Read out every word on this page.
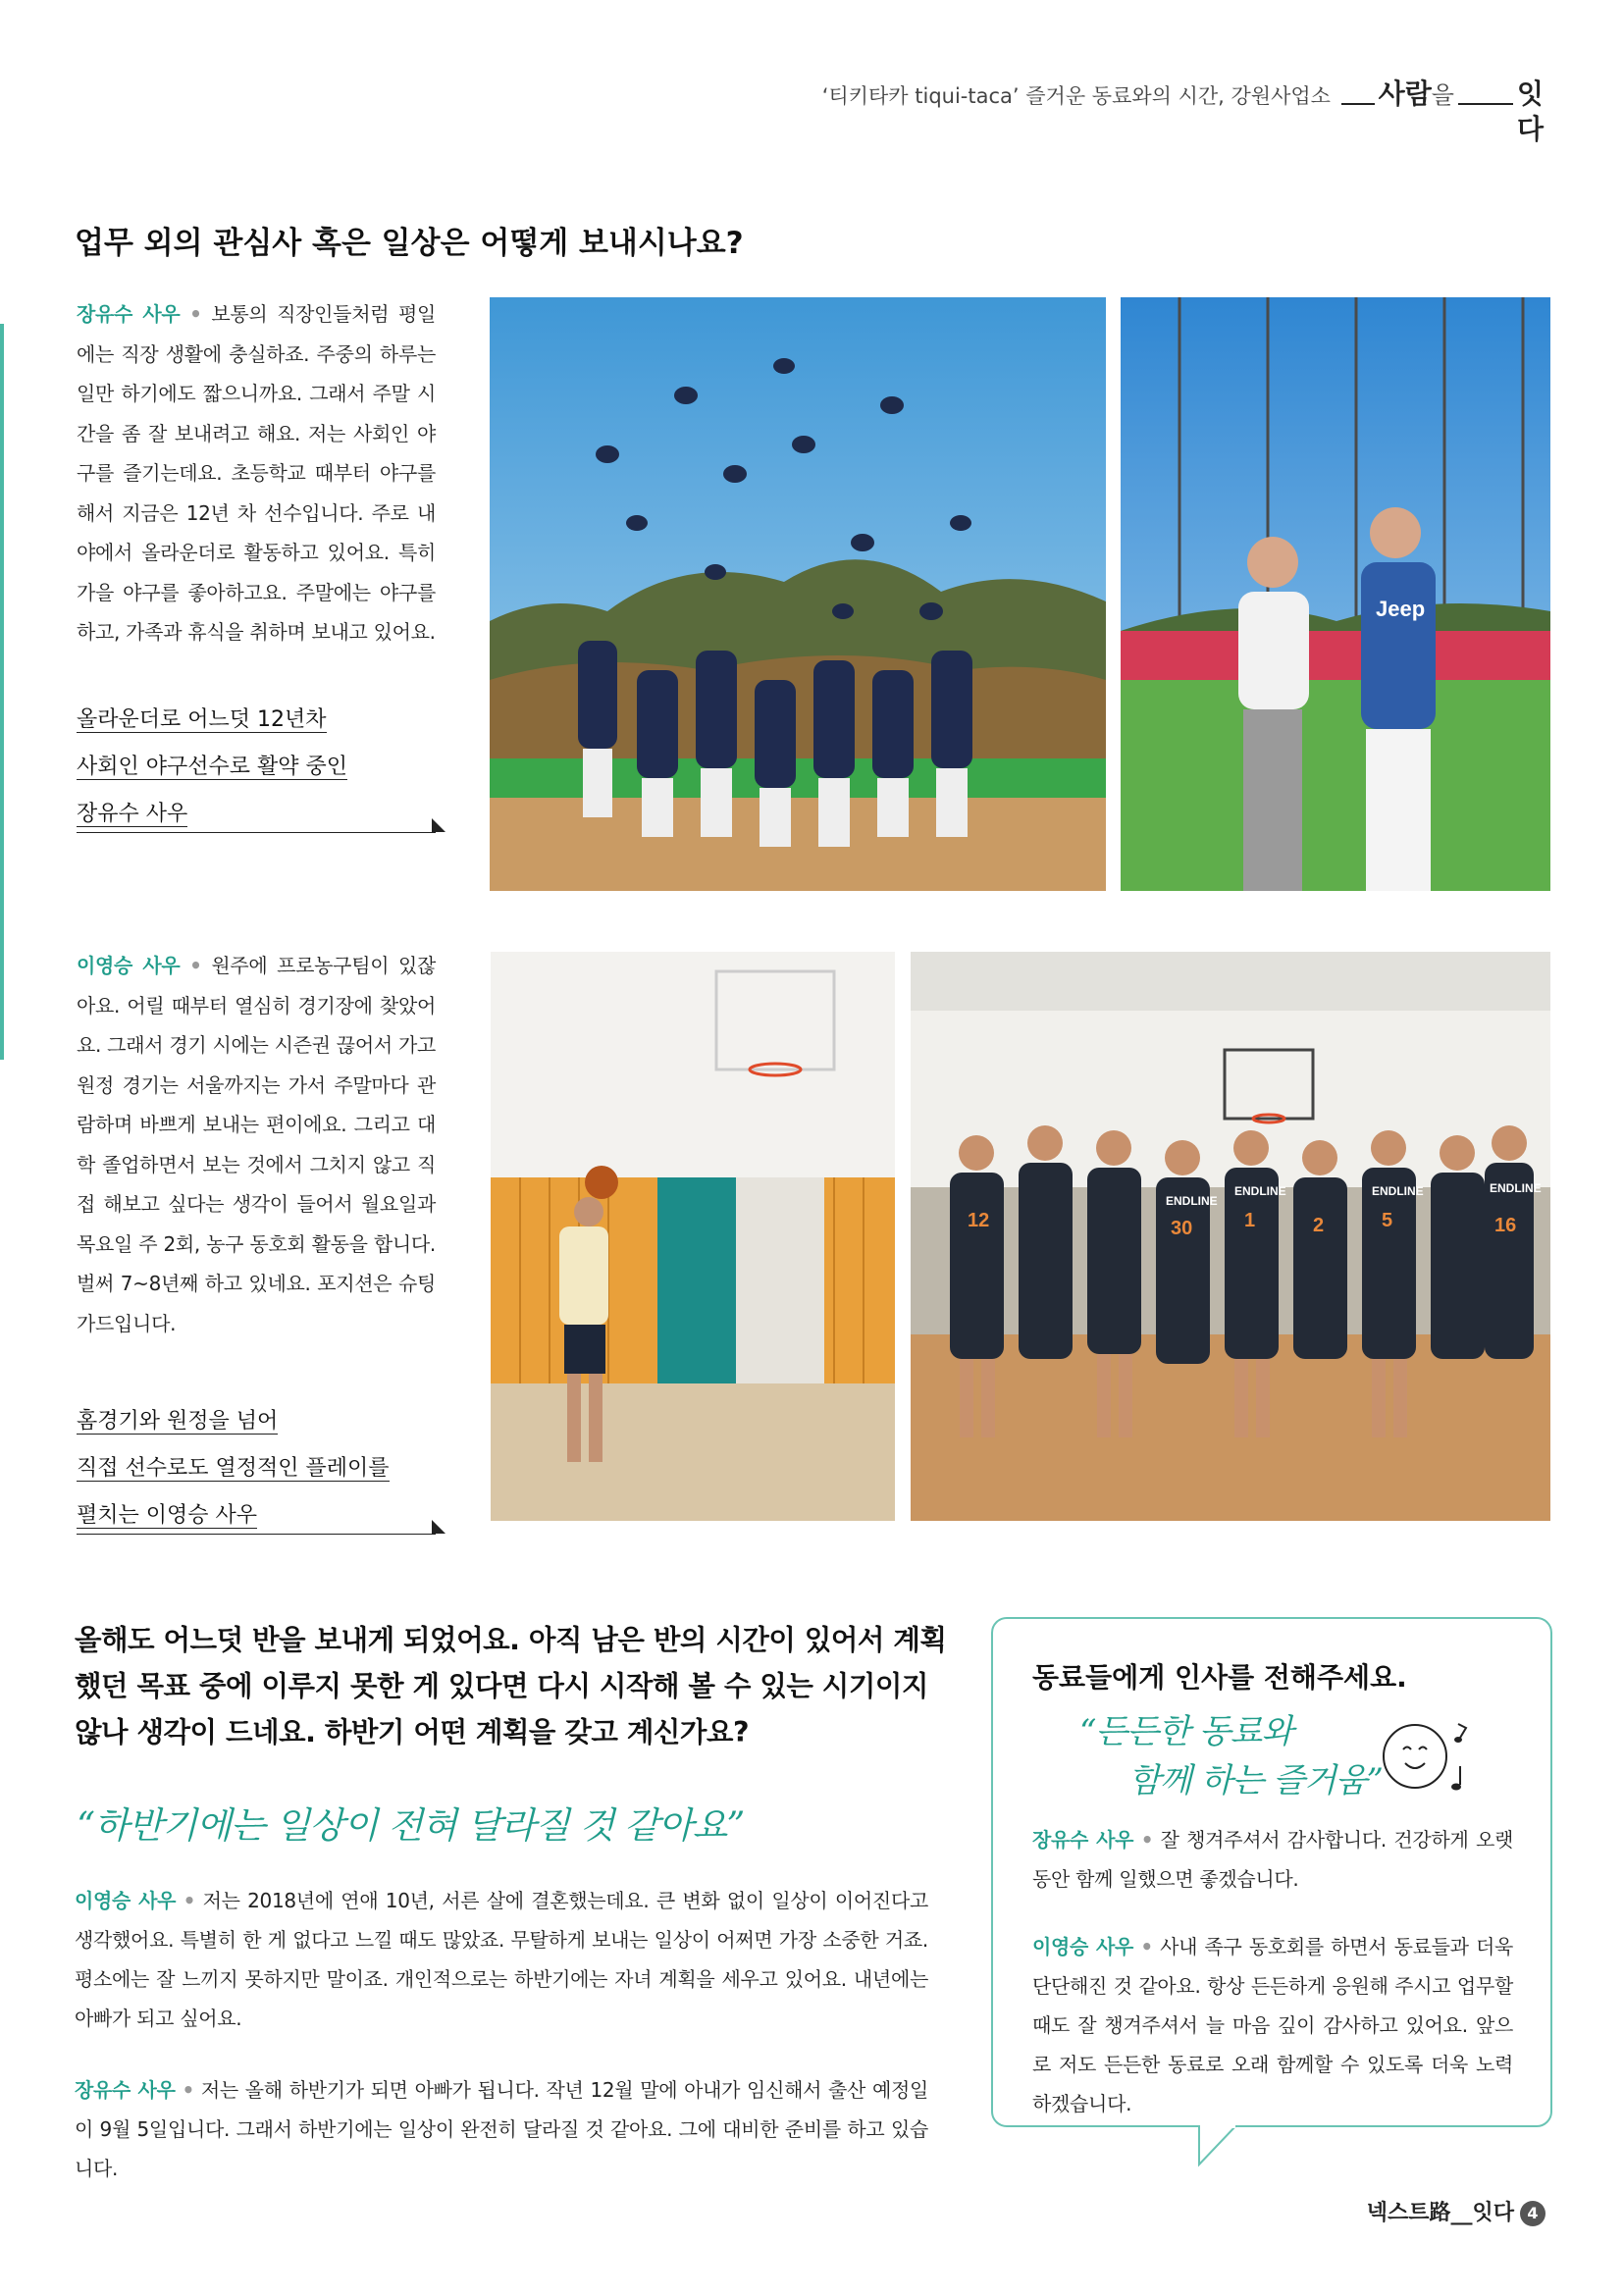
‘티키타카 tiqui-taca’ 즐거운 동료와의 시간, 강원사업소 사람을 잇
다
업무 외의 관심사 혹은 일상은 어떻게 보내시나요?
장유수 사우 • 보통의 직장인들처럼 평일에는 직장 생활에 충실하죠. 주중의 하루는 일만 하기에도 짧으니까요. 그래서 주말 시간을 좀 잘 보내려고 해요. 저는 사회인 야구를 즐기는데요. 초등학교 때부터 야구를 해서 지금은 12년 차 선수입니다. 주로 내야에서 올라운더로 활동하고 있어요. 특히 가을 야구를 좋아하고요. 주말에는 야구를 하고, 가족과 휴식을 취하며 보내고 있어요.
올라운더로 어느덧 12년차
사회인 야구선수로 활약 중인
장유수 사우
Jeep
이영승 사우 • 원주에 프로농구팀이 있잖아요. 어릴 때부터 열심히 경기장에 찾았어요. 그래서 경기 시에는 시즌권 끊어서 가고 원정 경기는 서울까지는 가서 주말마다 관람하며 바쁘게 보내는 편이에요. 그리고 대학 졸업하면서 보는 것에서 그치지 않고 직접 해보고 싶다는 생각이 들어서 월요일과 목요일 주 2회, 농구 동호회 활동을 합니다. 벌써 7~8년째 하고 있네요. 포지션은 슈팅가드입니다.
홈경기와 원정을 넘어
직접 선수로도 열정적인 플레이를
펼치는 이영승 사우
ENDLINE
ENDLINE	ENDLINE	ENDLINE
12	30	1	2	5	16
올해도 어느덧 반을 보내게 되었어요. 아직 남은 반의 시간이 있어서 계획했던 목표 중에 이루지 못한 게 있다면 다시 시작해 볼 수 있는 시기이지 않나 생각이 드네요. 하반기 어떤 계획을 갖고 계신가요?
“하반기에는 일상이 전혀 달라질 것 같아요”
이영승 사우 • 저는 2018년에 연애 10년, 서른 살에 결혼했는데요. 큰 변화 없이 일상이 이어진다고 생각했어요. 특별히 한 게 없다고 느낄 때도 많았죠. 무탈하게 보내는 일상이 어쩌면 가장 소중한 거죠. 평소에는 잘 느끼지 못하지만 말이죠. 개인적으로는 하반기에는 자녀 계획을 세우고 있어요. 내년에는 아빠가 되고 싶어요.
장유수 사우 • 저는 올해 하반기가 되면 아빠가 됩니다. 작년 12월 말에 아내가 임신해서 출산 예정일이 9월 5일입니다. 그래서 하반기에는 일상이 완전히 달라질 것 같아요. 그에 대비한 준비를 하고 있습니다.
동료들에게 인사를 전해주세요.
“든든한 동료와
함께 하는 즐거움”
장유수 사우 • 잘 챙겨주셔서 감사합니다. 건강하게 오랫동안 함께 일했으면 좋겠습니다.
이영승 사우 • 사내 족구 동호회를 하면서 동료들과 더욱 단단해진 것 같아요. 항상 든든하게 응원해 주시고 업무할 때도 잘 챙겨주셔서 늘 마음 깊이 감사하고 있어요. 앞으로 저도 든든한 동료로 오래 함께할 수 있도록 더욱 노력하겠습니다.
넥스트路__잇다 4
